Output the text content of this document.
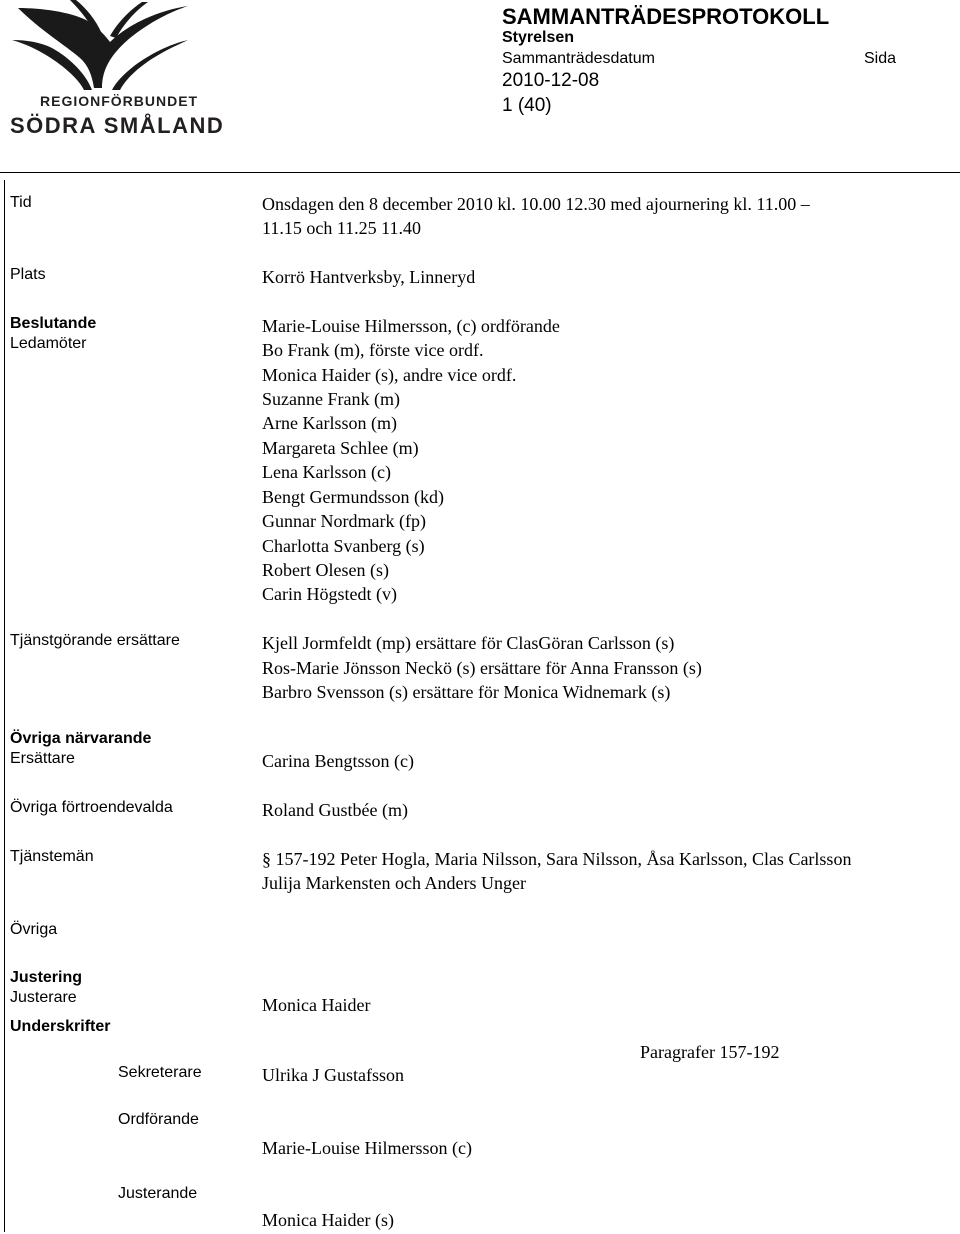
REGIONFÖRBUNDET
SÖDRA SMÅLAND
SAMMANTRÄDESPROTOKOLL
Styrelsen
Sammanträdesdatum	Sida
2010-12-08
1 (40)
Tid
Plats
Beslutande
Ledamöter
Tjänstgörande ersättare
Övriga närvarande
Ersättare
Övriga förtroendevalda
Tjänstemän
Övriga
Justering
Justerare
Underskrifter
Sekreterare
Ordförande
Justerande
Onsdagen den 8 december 2010 kl. 10.00 12.30 med ajournering kl. 11.00 –
11.15 och 11.25 11.40
Korrö Hantverksby, Linneryd
Marie-Louise Hilmersson, (c) ordförande
Bo Frank (m), förste vice ordf.
Monica Haider (s), andre vice ordf.
Suzanne Frank (m)
Arne Karlsson (m)
Margareta Schlee (m)
Lena Karlsson (c)
Bengt Germundsson (kd)
Gunnar Nordmark (fp)
Charlotta Svanberg (s)
Robert Olesen (s)
Carin Högstedt (v)
Kjell Jormfeldt (mp) ersättare för ClasGöran Carlsson (s)
Ros-Marie Jönsson Neckö (s) ersättare för Anna Fransson (s)
Barbro Svensson (s) ersättare för Monica Widnemark (s)
Carina Bengtsson (c)
Roland Gustbée (m)
§ 157-192 Peter Hogla, Maria Nilsson, Sara Nilsson, Åsa Karlsson, Clas Carlsson
Julija Markensten och Anders Unger
Monica Haider
Paragrafer 157-192
Ulrika J Gustafsson
Marie-Louise Hilmersson (c)
Monica Haider (s)
